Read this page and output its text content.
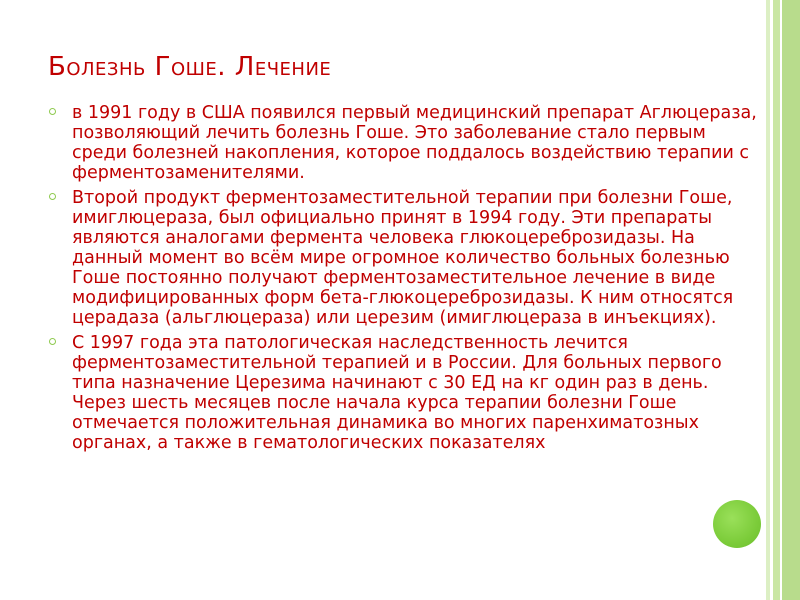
Болезнь Гоше. Лечение
в 1991 году в США появился первый медицинский препарат Аглюцераза, позволяющий лечить болезнь Гоше. Это заболевание стало первым среди болезней накопления, которое поддалось воздействию терапии с ферментозаменителями.
Второй продукт ферментозаместительной терапии при болезни Гоше, имиглюцераза, был официально принят в 1994 году. Эти препараты являются аналогами фермента человека глюкоцереброзидазы. На данный момент во всём мире огромное количество больных болезнью Гоше постоянно получают ферментозаместительное лечение в виде модифицированных форм бета-глюкоцереброзидазы. К ним относятся церадаза (альглюцераза) или церезим (имиглюцераза в инъекциях).
С 1997 года эта патологическая наследственность лечится ферментозаместительной терапией и в России. Для больных первого типа назначение Церезима начинают с 30 ЕД на кг один раз в день. Через шесть месяцев после начала курса терапии болезни Гоше отмечается положительная динамика во многих паренхиматозных органах, а также в гематологических показателях
